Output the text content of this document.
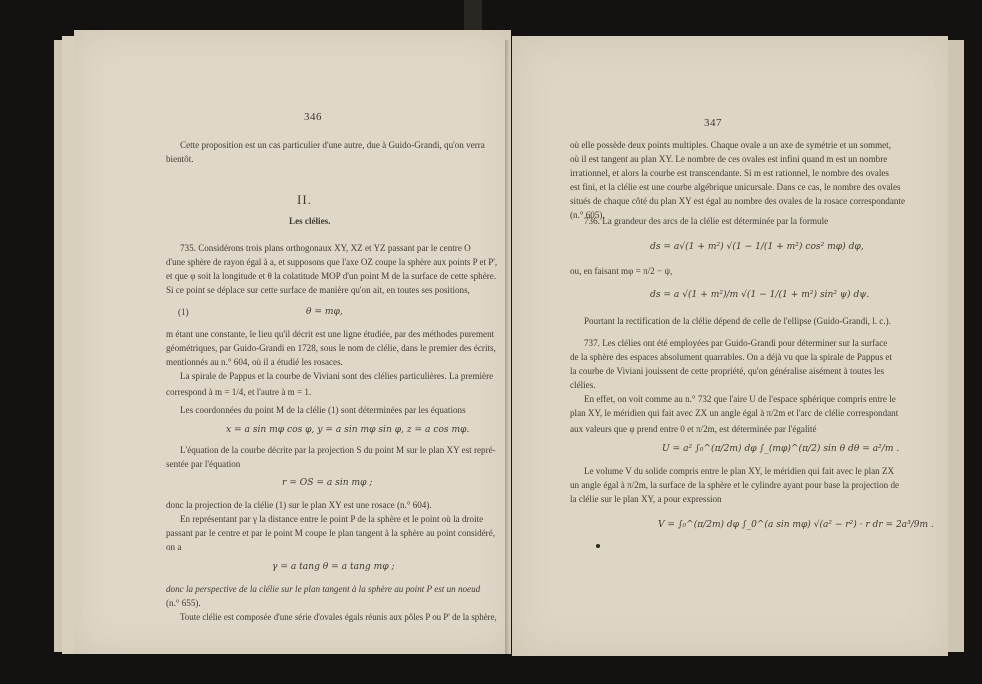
346
Cette proposition est un cas particulier d'une autre, due à Guido-Grandi, qu'on verra
bientôt.
II.
Les clélies.
735. Considérons trois plans orthogonaux XY, XZ et YZ passant par le centre O
d'une sphère de rayon égal à a, et supposons que l'axe OZ coupe la sphère aux points P et P',
et que φ soit la longitude et θ la colatitude MOP d'un point M de la surface de cette sphère.
Si ce point se déplace sur cette surface de manière qu'on ait, en toutes ses positions,
(1)	θ = mφ,
m étant une constante, le lieu qu'il décrit est une ligne étudiée, par des méthodes purement
géométriques, par Guido-Grandi en 1728, sous le nom de clélie, dans le premier des écrits,
mentionnés au n.° 604, où il a étudié les rosaces.
La spirale de Pappus et la courbe de Viviani sont des clélies particulières. La première
correspond à m = 1/4, et l'autre à m = 1.
Les coordonnées du point M de la clélie (1) sont déterminées par les équations
x = a sin mφ cos φ, y = a sin mφ sin φ, z = a cos mφ.
L'équation de la courbe décrite par la projection S du point M sur le plan XY est repré-
sentée par l'équation
r = OS = a sin mφ ;
donc la projection de la clélie (1) sur le plan XY est une rosace (n.° 604).
En représentant par γ la distance entre le point P de la sphère et le point où la droite
passant par le centre et par le point M coupe le plan tangent à la sphère au point considéré,
on a
γ = a tang θ = a tang mφ ;
donc la perspective de la clélie sur le plan tangent à la sphère au point P est un noeud
(n.° 655).
Toute clélie est composée d'une série d'ovales égals réunis aux pôles P ou P' de la sphère,
347
où elle possède deux points multiples. Chaque ovale a un axe de symétrie et un sommet,
où il est tangent au plan XY. Le nombre de ces ovales est infini quand m est un nombre
irrationnel, et alors la courbe est transcendante. Si m est rationnel, le nombre des ovales
est fini, et la clélie est une courbe algébrique unicursale. Dans ce cas, le nombre des ovales
situés de chaque côté du plan XY est égal au nombre des ovales de la rosace correspondante
(n.° 605).
736. La grandeur des arcs de la clélie est déterminée par la formule
ds = a√(1 + m²) √(1 − 1/(1 + m²) cos² mφ) dφ,
ou, en faisant mφ = π/2 − ψ,
ds = a √(1 + m²)/m √(1 − 1/(1 + m²) sin² ψ) dψ.
Pourtant la rectification de la clélie dépend de celle de l'ellipse (Guido-Grandi, l. c.).
737. Les clélies ont été employées par Guido-Grandi pour déterminer sur la surface
de la sphère des espaces absolument quarrables. On a déjà vu que la spirale de Pappus et
la courbe de Viviani jouissent de cette propriété, qu'on généralise aisément à toutes les
clélies.
En effet, on voit comme au n.° 732 que l'aire U de l'espace sphérique compris entre le
plan XY, le méridien qui fait avec ZX un angle égal à π/2m et l'arc de clélie correspondant
aux valeurs que φ prend entre 0 et π/2m, est déterminée par l'égalité
U = a² ∫₀^(π/2m) dφ ∫_(mφ)^(π/2) sin θ dθ = a²/m .
Le volume V du solide compris entre le plan XY, le méridien qui fait avec le plan ZX
un angle égal à π/2m, la surface de la sphère et le cylindre ayant pour base la projection de
la clélie sur le plan XY, a pour expression
V = ∫₀^(π/2m) dφ ∫_0^(a sin mφ) √(a² − r²) · r dr = 2a³/9m .
